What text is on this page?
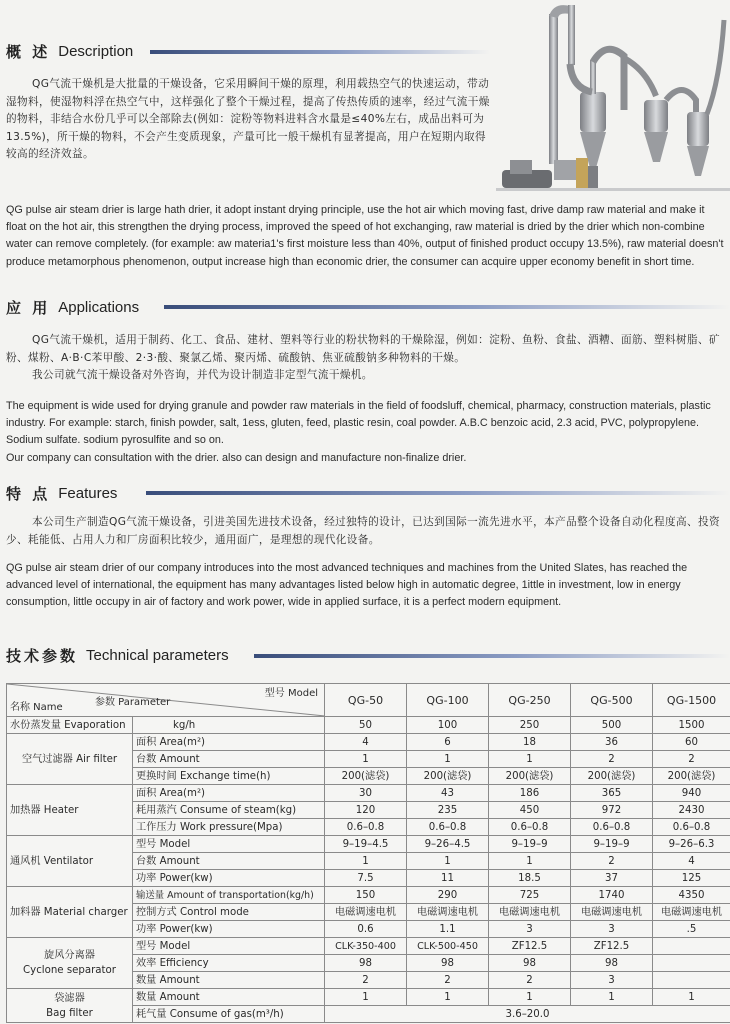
概 述 Description

QG气流干燥机是大批量的干燥设备，它采用瞬间干燥的原理，利用载热空气的快速运动，带动湿物料，使湿物料浮在热空气中，这样强化了整个干燥过程，提高了传热传质的速率，经过气流干燥的物料，非结合水份几乎可以全部除去(例如：淀粉等物料进料含水量是≤40%左右，成品出料可为13.5%)，所干燥的物料，不会产生变质现象，产量可比一般干燥机有显著提高，用户在短期内取得较高的经济效益。

QG pulse air steam drier is large hath drier, it adopt instant drying principle, use the hot air which moving fast, drive damp raw material and make it float on the hot air, this strengthen the drying process, improved the speed of hot exchanging, raw material is dried by the drier which non-combine water can remove completely. (for example: aw materia1's first moisture less than 40%, output of finished product occupy 13.5%), raw material doesn't produce metamorphous phenomenon, output increase high than economic drier, the consumer can acquire upper economy benefit in short time.

应 用 Applications

QG气流干燥机，适用于制药、化工、食品、建材、塑料等行业的粉状物料的干燥除湿，例如：淀粉、鱼粉、食盐、酒糟、面筋、塑料树脂、矿粉、煤粉、A·B·C苯甲酸、2·3·酸、聚氯乙烯、聚丙烯、硫酸钠、焦亚硫酸钠多种物料的干燥。

我公司就气流干燥设备对外咨询，并代为设计制造非定型气流干燥机。

The equipment is wide used for drying granule and powder raw materials in the field of foodsluff, chemical, pharmacy, construction materials, plastic industry. For example: starch, finish powder, salt, 1ess, gluten, feed, plastic resin, coal powder. A.B.C benzoic acid, 2.3 acid, PVC, polypropylene. Sodium sulfate. sodium pyrosulfite and so on.

Our company can consultation with the drier. also can design and manufacture non-finalize drier.

特 点 Features

本公司生产制造QG气流干燥设备，引进美国先进技术设备，经过独特的设计，已达到国际一流先进水平，本产品整个设备自动化程度高、投资少、耗能低、占用人力和厂房面积比较少，通用面广，是理想的现代化设备。

QG pulse air steam drier of our company introduces into the most advanced techniques and machines from the United Slates, has reached the advanced level of international, the equipment has many advantages listed below high in automatic degree, 1ittle in investment, low in energy consumption, little occupy in air of factory and work power, wide in applied surface, it is a perfect modern equipment.

技术参数 Technical parameters
型号 Model
参数 Parameter
名称 Name		QG-50	QG-100	QG-250	QG-500	QG-1500
水份蒸发量 Evaporation	kg/h	50	100	250	500	1500
空气过滤器 Air filter	面积 Area(m²)	4	6	18	36	60
	台数 Amount	1	1	1	2	2
	更换时间 Exchange time(h)	200(滤袋)	200(滤袋)	200(滤袋)	200(滤袋)	200(滤袋)
加热器 Heater	面积 Area(m²)	30	43	186	365	940
	耗用蒸汽 Consume of steam(kg)	120	235	450	972	2430
	工作压力 Work pressure(Mpa)	0.6–0.8	0.6–0.8	0.6–0.8	0.6–0.8	0.6–0.8
通风机 Ventilator	型号 Model	9–19–4.5	9–26–4.5	9–19–9	9–19–9	9–26–6.3
	台数 Amount	1	1	1	2	4
	功率 Power(kw)	7.5	11	18.5	37	125
加料器 Material charger	输送量 Amount of transportation(kg/h)	150	290	725	1740	4350
	控制方式 Control mode	电磁调速电机	电磁调速电机	电磁调速电机	电磁调速电机	电磁调速电机
	功率 Power(kw)	0.6	1.1	3	3	.5

旋风分离器
Cyclone separator	型号 Model	CLK-350-400	CLK-500-450	ZF12.5	ZF12.5	
	效率 Efficiency	98	98	98	98	
	数量 Amount	2	2	2	3	

袋滤器
Bag filter	数量 Amount	1	1	1	1	1
	耗气量 Consume of gas(m³/h)	3.6–20.0				
